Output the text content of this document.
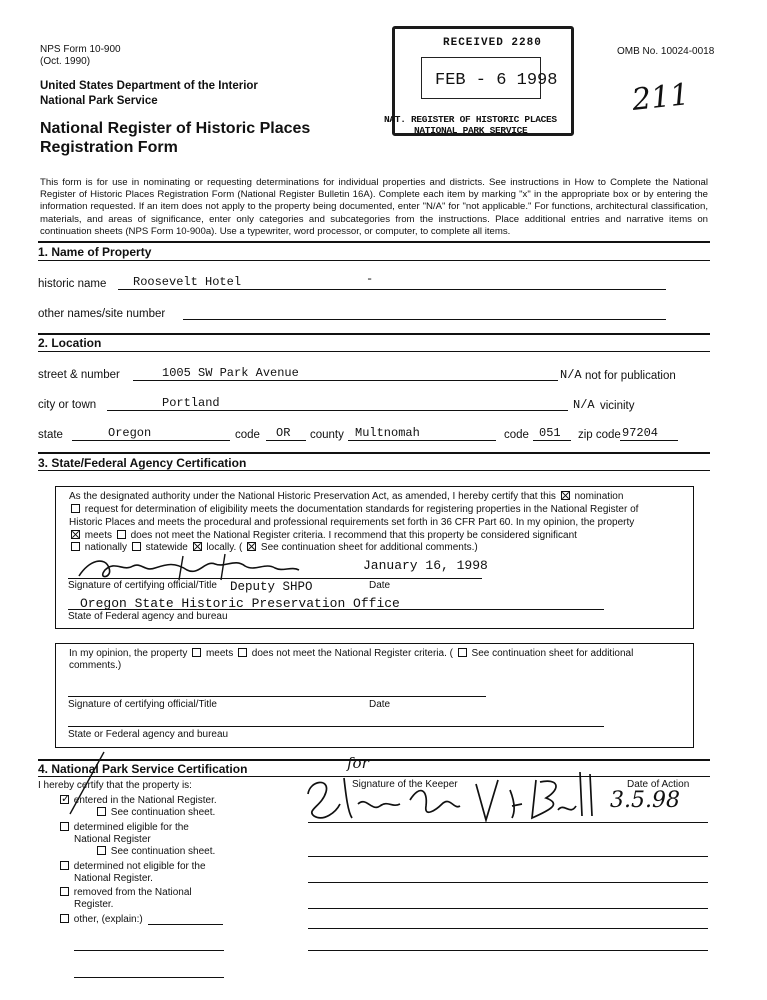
NPS Form 10-900
(Oct. 1990)
OMB No. 10024-0018
United States Department of the Interior
National Park Service
National Register of Historic Places
Registration Form
211
RECEIVED 2280
FEB - 6 1998
NAT. REGISTER OF HISTORIC PLACES
NATIONAL PARK SERVICE
This form is for use in nominating or requesting determinations for individual properties and districts. See instructions in How to Complete the National Register of Historic Places Registration Form (National Register Bulletin 16A). Complete each item by marking "x" in the appropriate box or by entering the information requested. If an item does not apply to the property being documented, enter "N/A" for "not applicable." For functions, architectural classification, materials, and areas of significance, enter only categories and subcategories from the instructions. Place additional entries and narrative items on continuation sheets (NPS Form 10-900a). Use a typewriter, word processor, or computer, to complete all items.
1. Name of Property
historic name Roosevelt Hotel	-
other names/site number
2. Location
street & number	1005 SW Park Avenue	N/A not for publication
city or town	Portland	N/A vicinity
state	Oregon	code OR county Multnomah	code 051 zip code 97204
3. State/Federal Agency Certification
As the designated authority under the National Historic Preservation Act, as amended, I hereby certify that this nomination
request for determination of eligibility meets the documentation standards for registering properties in the National Register of
Historic Places and meets the procedural and professional requirements set forth in 36 CFR Part 60. In my opinion, the property
meets does not meet the National Register criteria. I recommend that this property be considered significant
nationally statewide locally. ( See continuation sheet for additional comments.)
January 16, 1998
Signature of certifying official/Title Deputy SHPO	Date
Oregon State Historic Preservation Office
State of Federal agency and bureau
In my opinion, the property meets does not meet the National Register criteria. ( See continuation sheet for additional
comments.)
Signature of certifying official/Title	Date
State or Federal agency and bureau
4. National Park Service Certification
I hereby certify that the property is:	Signature of the Keeper	Date of Action
for
3.5.98
✓ entered in the National Register.
See continuation sheet.
determined eligible for the
National Register
See continuation sheet.
determined not eligible for the
National Register.
removed from the National
Register.
other, (explain:)
